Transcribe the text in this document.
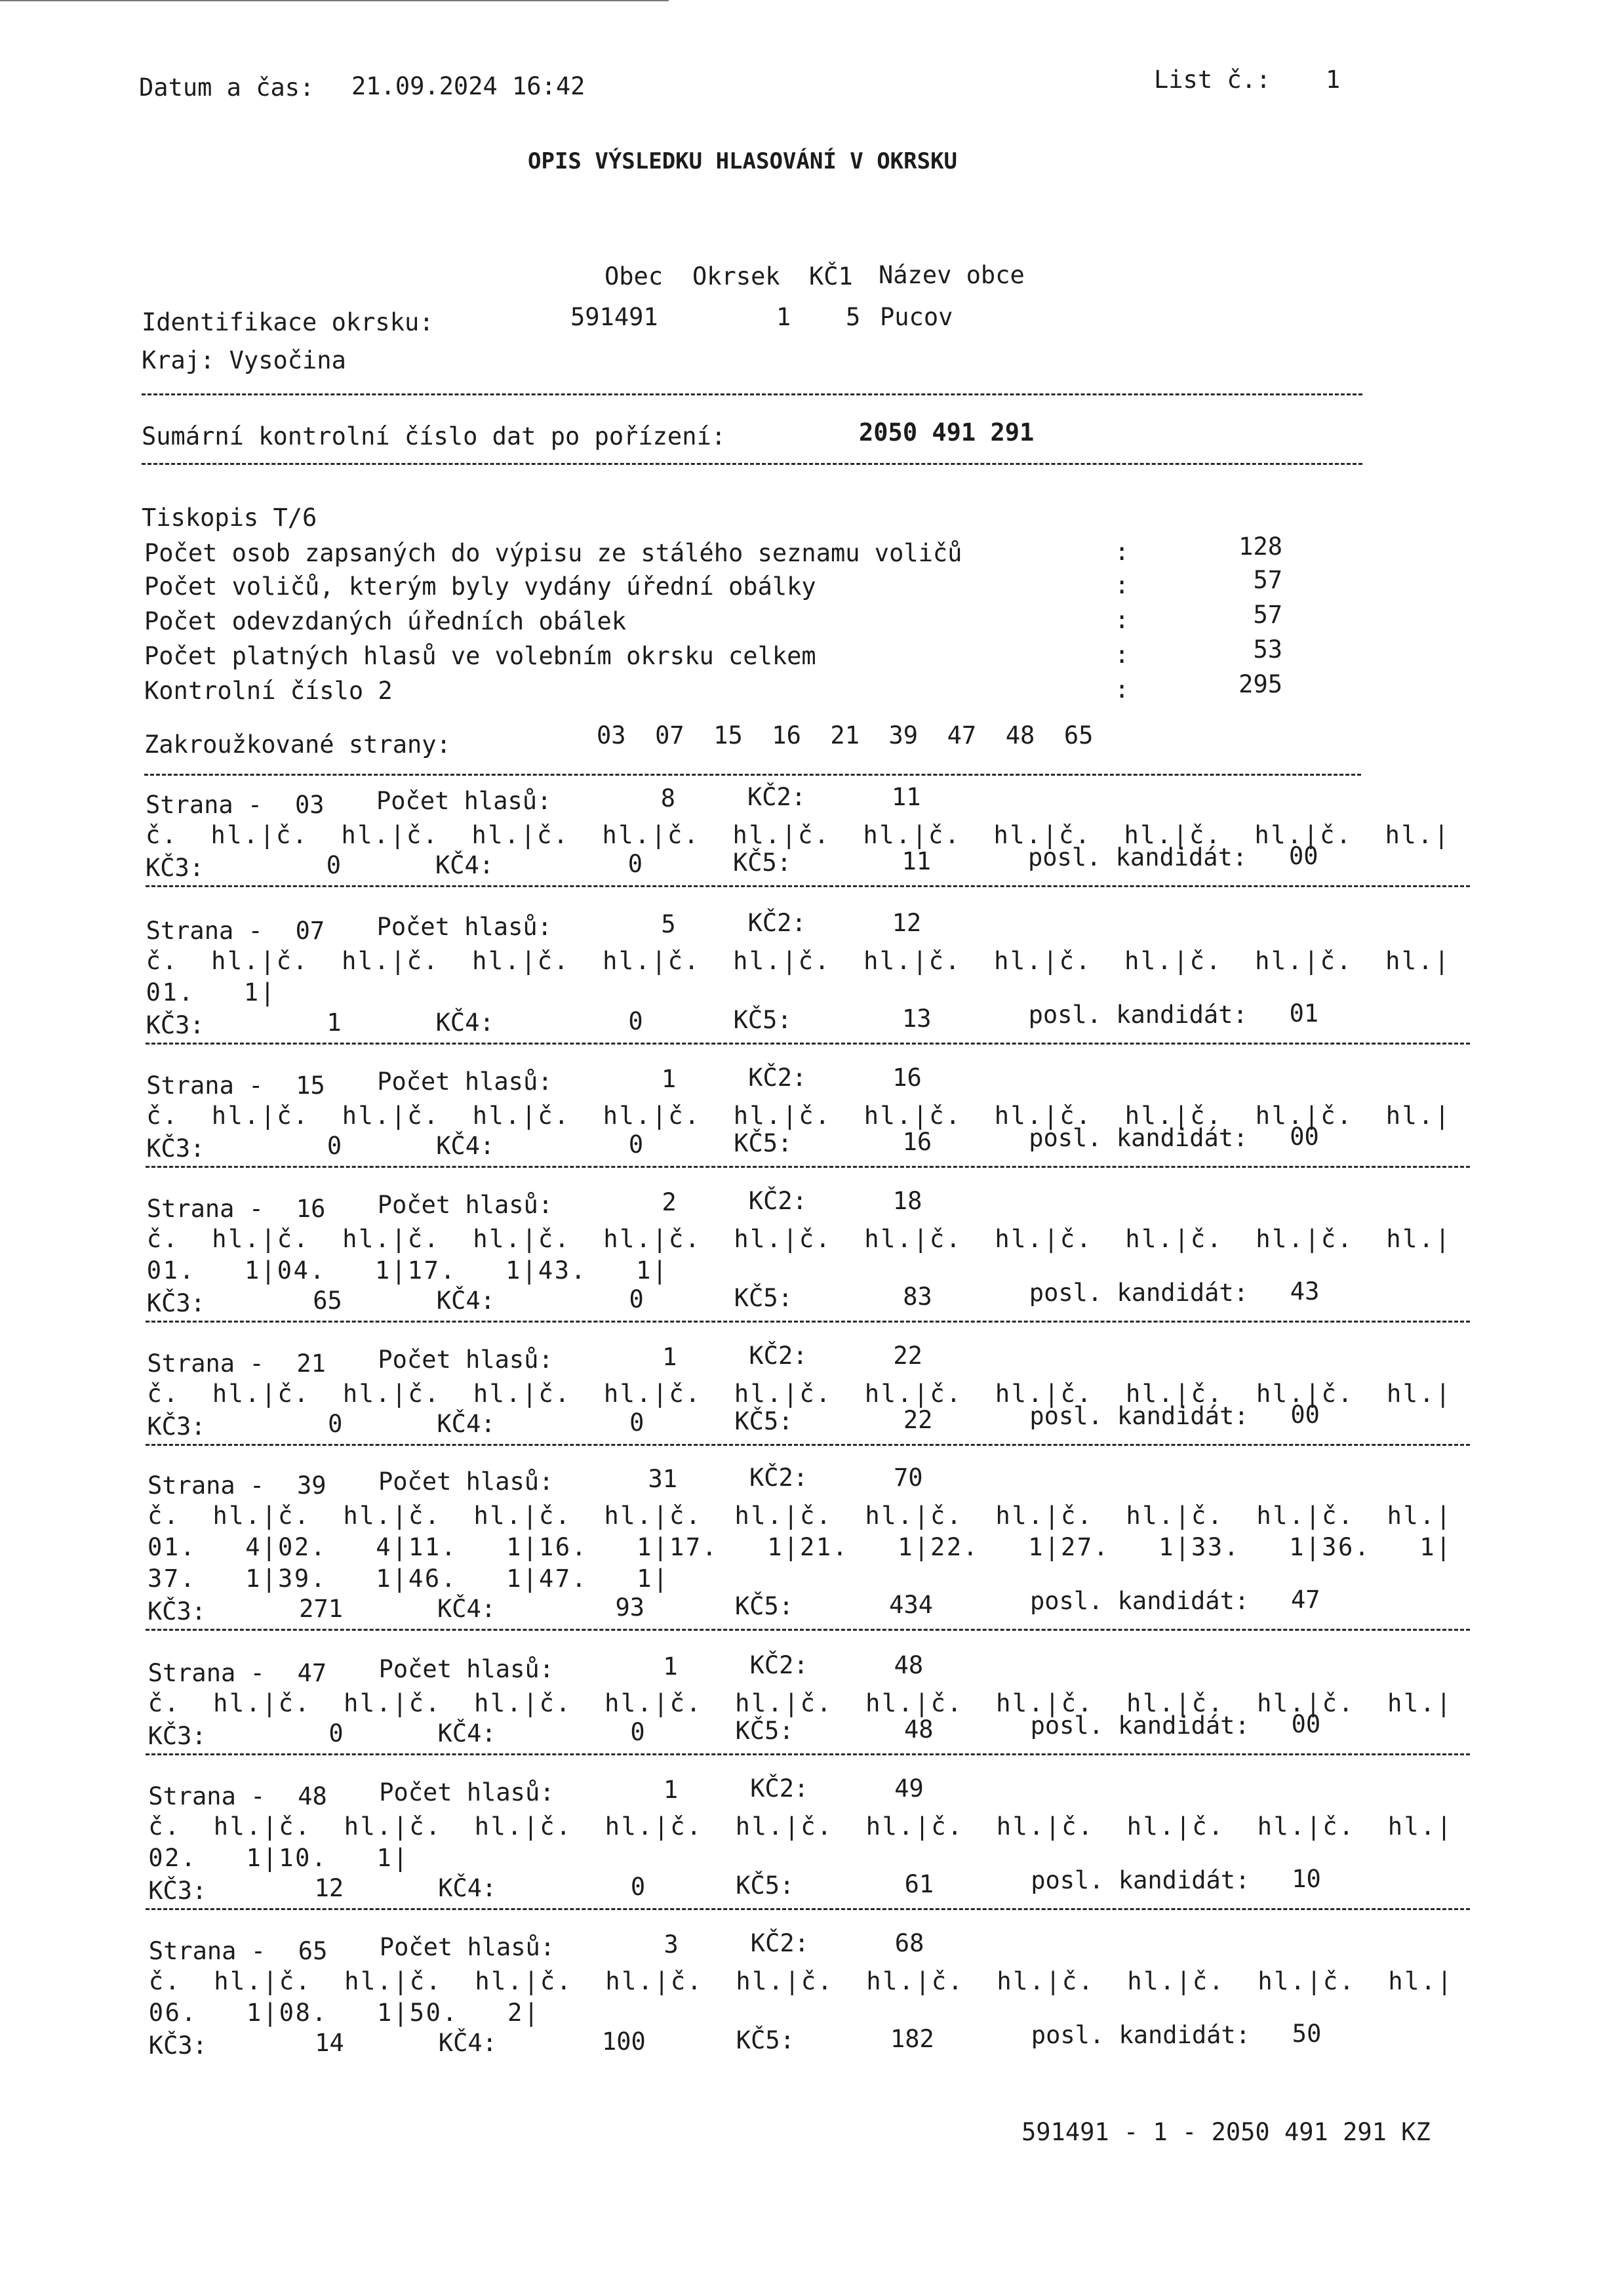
Datum a čas: 21.09.2024 16:42	List č.: 1
OPIS VÝSLEDKU HLASOVÁNÍ V OKRSKU
Obec Okrsek KČ1 Název obce
Identifikace okrsku:	591491	1 5 Pucov
Kraj: Vysočina
Sumární kontrolní číslo dat po pořízení:	2050 491 291
Tiskopis T/6
Počet osob zapsaných do výpisu ze stálého seznamu voličů	:	128
Počet voličů, kterým byly vydány úřední obálky	:	57
Počet odevzdaných úředních obálek	:	57
Počet platných hlasů ve volebním okrsku celkem	:	53
Kontrolní číslo 2	:	295
Zakroužkované strany:	03  07  15  16  21  39  47  48  65
Strana - 03 Počet hlasů:	8	KČ2:	11
č.  hl.|č.  hl.|č.  hl.|č.  hl.|č.  hl.|č.  hl.|č.  hl.|č.  hl.|č.  hl.|č.  hl.|
KČ3:	0	KČ4:	0	KČ5:	11	posl. kandidát: 00
Strana - 07 Počet hlasů:	5	KČ2:	12
č.  hl.|č.  hl.|č.  hl.|č.  hl.|č.  hl.|č.  hl.|č.  hl.|č.  hl.|č.  hl.|č.  hl.|
01.   1|
KČ3:	1	KČ4:	0	KČ5:	13	posl. kandidát: 01
Strana - 15 Počet hlasů:	1	KČ2:	16
č.  hl.|č.  hl.|č.  hl.|č.  hl.|č.  hl.|č.  hl.|č.  hl.|č.  hl.|č.  hl.|č.  hl.|
KČ3:	0	KČ4:	0	KČ5:	16	posl. kandidát: 00
Strana - 16 Počet hlasů:	2	KČ2:	18
č.  hl.|č.  hl.|č.  hl.|č.  hl.|č.  hl.|č.  hl.|č.  hl.|č.  hl.|č.  hl.|č.  hl.|
01.   1|04.   1|17.   1|43.   1|
KČ3:	65	KČ4:	0	KČ5:	83	posl. kandidát: 43
Strana - 21 Počet hlasů:	1	KČ2:	22
č.  hl.|č.  hl.|č.  hl.|č.  hl.|č.  hl.|č.  hl.|č.  hl.|č.  hl.|č.  hl.|č.  hl.|
KČ3:	0	KČ4:	0	KČ5:	22	posl. kandidát: 00
Strana - 39 Počet hlasů:	31	KČ2:	70
č.  hl.|č.  hl.|č.  hl.|č.  hl.|č.  hl.|č.  hl.|č.  hl.|č.  hl.|č.  hl.|č.  hl.|
01.   4|02.   4|11.   1|16.   1|17.   1|21.   1|22.   1|27.   1|33.   1|36.   1|
37.   1|39.   1|46.   1|47.   1|
KČ3:	271	KČ4:	93	KČ5:	434	posl. kandidát: 47
Strana - 47 Počet hlasů:	1	KČ2:	48
č.  hl.|č.  hl.|č.  hl.|č.  hl.|č.  hl.|č.  hl.|č.  hl.|č.  hl.|č.  hl.|č.  hl.|
KČ3:	0	KČ4:	0	KČ5:	48	posl. kandidát: 00
Strana - 48 Počet hlasů:	1	KČ2:	49
č.  hl.|č.  hl.|č.  hl.|č.  hl.|č.  hl.|č.  hl.|č.  hl.|č.  hl.|č.  hl.|č.  hl.|
02.   1|10.   1|
KČ3:	12	KČ4:	0	KČ5:	61	posl. kandidát: 10
Strana - 65 Počet hlasů:	3	KČ2:	68
č.  hl.|č.  hl.|č.  hl.|č.  hl.|č.  hl.|č.  hl.|č.  hl.|č.  hl.|č.  hl.|č.  hl.|
06.   1|08.   1|50.   2|
KČ3:	14	KČ4:	100	KČ5:	182	posl. kandidát: 50
591491 - 1 - 2050 491 291 KZ
